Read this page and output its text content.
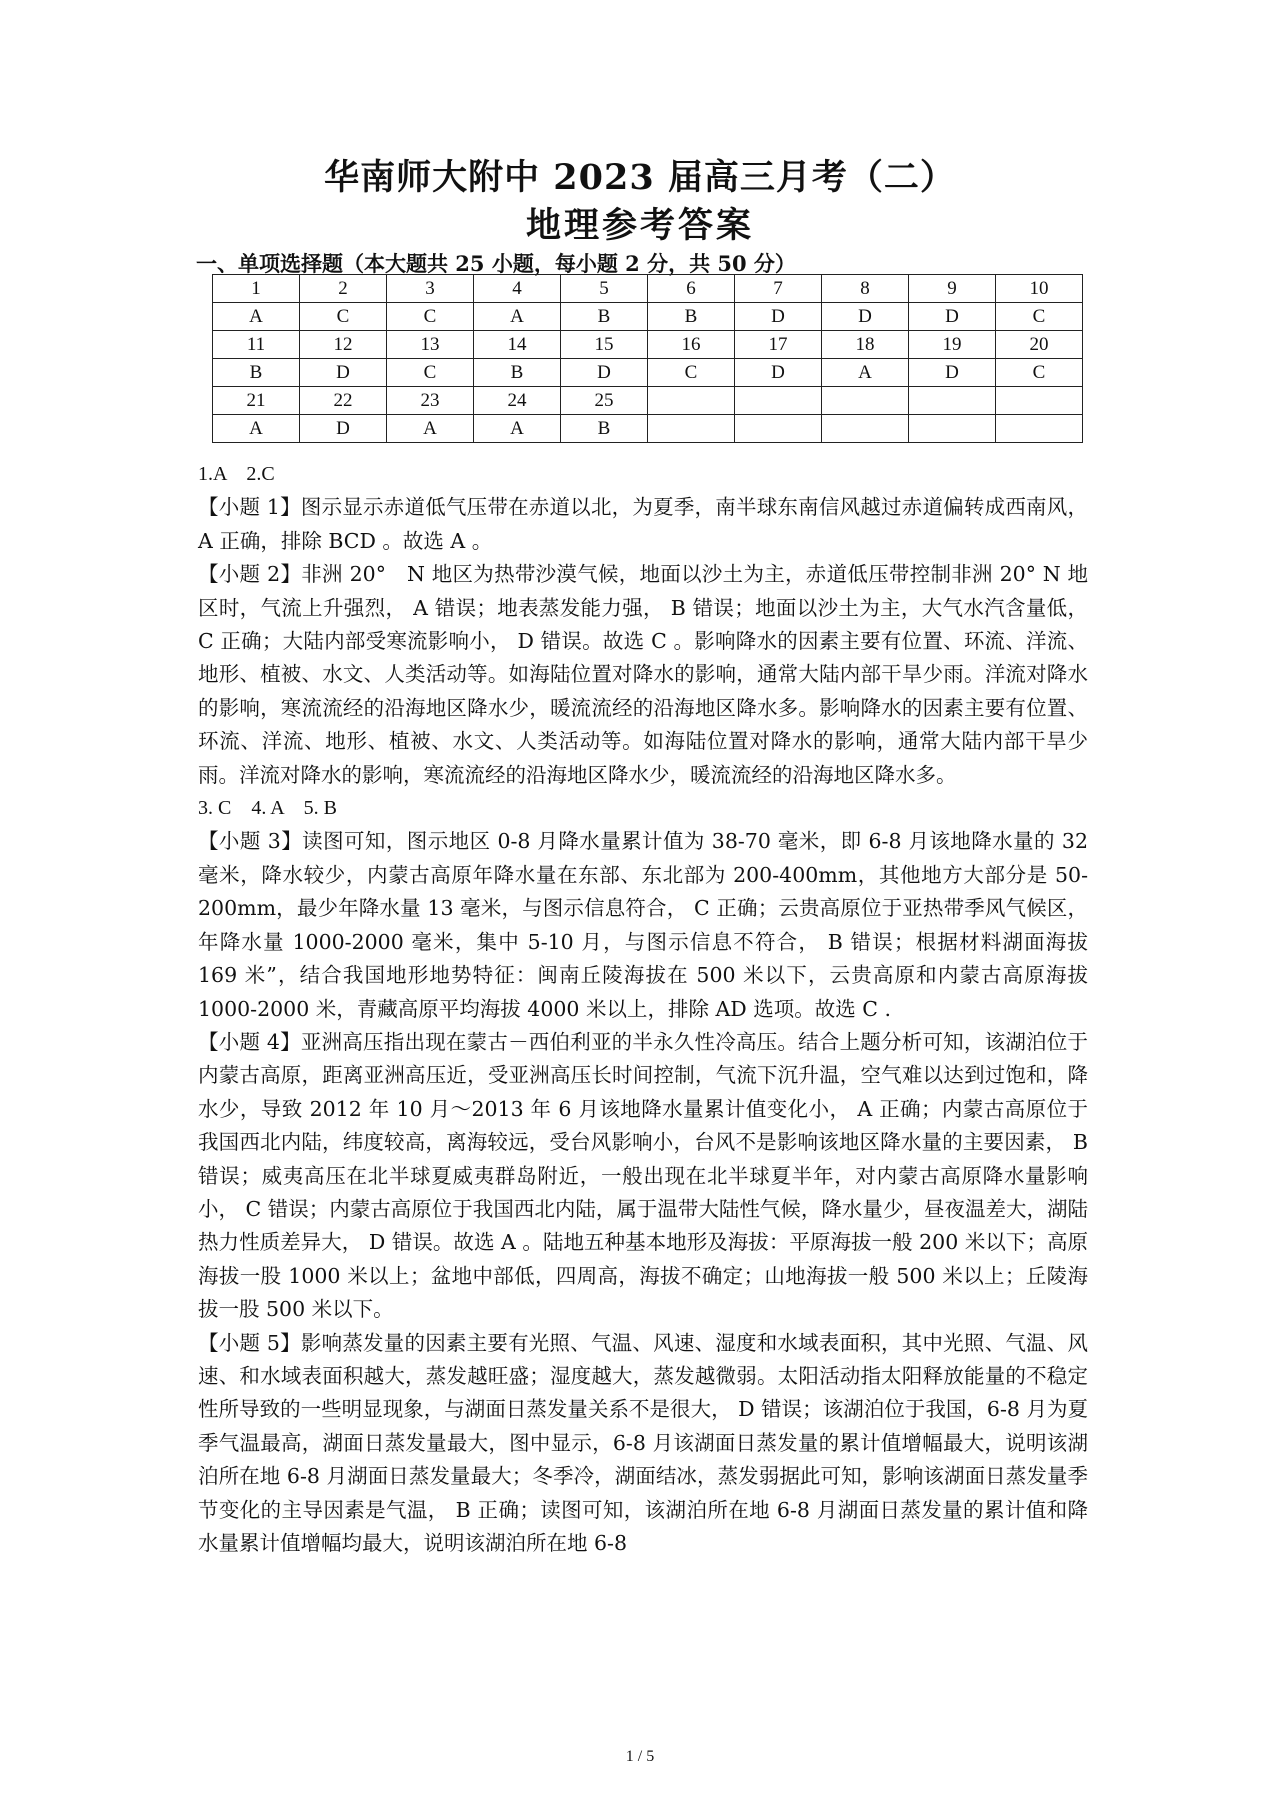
华南师大附中 2023 届高三月考（二）
地理参考答案
一、单项选择题（本大题共 25 小题，每小题 2 分，共 50 分）
1	2	3	4	5	6	7	8	9	10
A	C	C	A	B	B	D	D	D	C
11	12	13	14	15	16	17	18	19	20
B	D	C	B	D	C	D	A	D	C
21	22	23	24	25					
A	D	A	A	B					

1.A　2.C

【小题 1】图示显示赤道低气压带在赤道以北，为夏季，南半球东南信风越过赤道偏转成西南风， A 正确，排除 BCD 。故选 A 。

【小题 2】非洲 20°　N 地区为热带沙漠气候，地面以沙土为主，赤道低压带控制非洲 20° N 地区时，气流上升强烈， A 错误；地表蒸发能力强， B 错误；地面以沙土为主，大气水汽含量低， C 正确；大陆内部受寒流影响小， D 错误。故选 C 。影响降水的因素主要有位置、环流、洋流、地形、植被、水文、人类活动等。如海陆位置对降水的影响，通常大陆内部干旱少雨。洋流对降水的影响，寒流流经的沿海地区降水少，暖流流经的沿海地区降水多。影响降水的因素主要有位置、环流、洋流、地形、植被、水文、人类活动等。如海陆位置对降水的影响，通常大陆内部干旱少雨。洋流对降水的影响，寒流流经的沿海地区降水少，暖流流经的沿海地区降水多。

3. C　4. A　5. B

【小题 3】读图可知，图示地区 0-8 月降水量累计值为 38-70 毫米，即 6-8 月该地降水量的 32 毫米，降水较少，内蒙古高原年降水量在东部、东北部为 200-400mm，其他地方大部分是 50-200mm，最少年降水量 13 毫米，与图示信息符合， C 正确；云贵高原位于亚热带季风气候区，年降水量 1000-2000 毫米，集中 5-10 月，与图示信息不符合， B 错误；根据材料湖面海拔 169 米”，结合我国地形地势特征：闽南丘陵海拔在 500 米以下，云贵高原和内蒙古高原海拔 1000-2000 米，青藏高原平均海拔 4000 米以上，排除 AD 选项。故选 C .

【小题 4】亚洲高压指出现在蒙古－西伯利亚的半永久性冷高压。结合上题分析可知，该湖泊位于内蒙古高原，距离亚洲高压近，受亚洲高压长时间控制，气流下沉升温，空气难以达到过饱和，降水少，导致 2012 年 10 月～2013 年 6 月该地降水量累计值变化小， A 正确；内蒙古高原位于我国西北内陆，纬度较高，离海较远，受台风影响小，台风不是影响该地区降水量的主要因素， B 错误；威夷高压在北半球夏威夷群岛附近，一般出现在北半球夏半年，对内蒙古高原降水量影响小， C 错误；内蒙古高原位于我国西北内陆，属于温带大陆性气候，降水量少，昼夜温差大，湖陆热力性质差异大， D 错误。故选 A 。陆地五种基本地形及海拔：平原海拔一般 200 米以下；高原海拔一股 1000 米以上；盆地中部低，四周高，海拔不确定；山地海拔一般 500 米以上；丘陵海拔一股 500 米以下。

【小题 5】影响蒸发量的因素主要有光照、气温、风速、湿度和水域表面积，其中光照、气温、风速、和水域表面积越大，蒸发越旺盛；湿度越大，蒸发越微弱。太阳活动指太阳释放能量的不稳定性所导致的一些明显现象，与湖面日蒸发量关系不是很大， D 错误；该湖泊位于我国，6-8 月为夏季气温最高，湖面日蒸发量最大，图中显示，6-8 月该湖面日蒸发量的累计值增幅最大，说明该湖泊所在地 6-8 月湖面日蒸发量最大；冬季冷，湖面结冰，蒸发弱据此可知，影响该湖面日蒸发量季节变化的主导因素是气温， B 正确；读图可知，该湖泊所在地 6-8 月湖面日蒸发量的累计值和降水量累计值增幅均最大，说明该湖泊所在地 6-8

1 / 5
